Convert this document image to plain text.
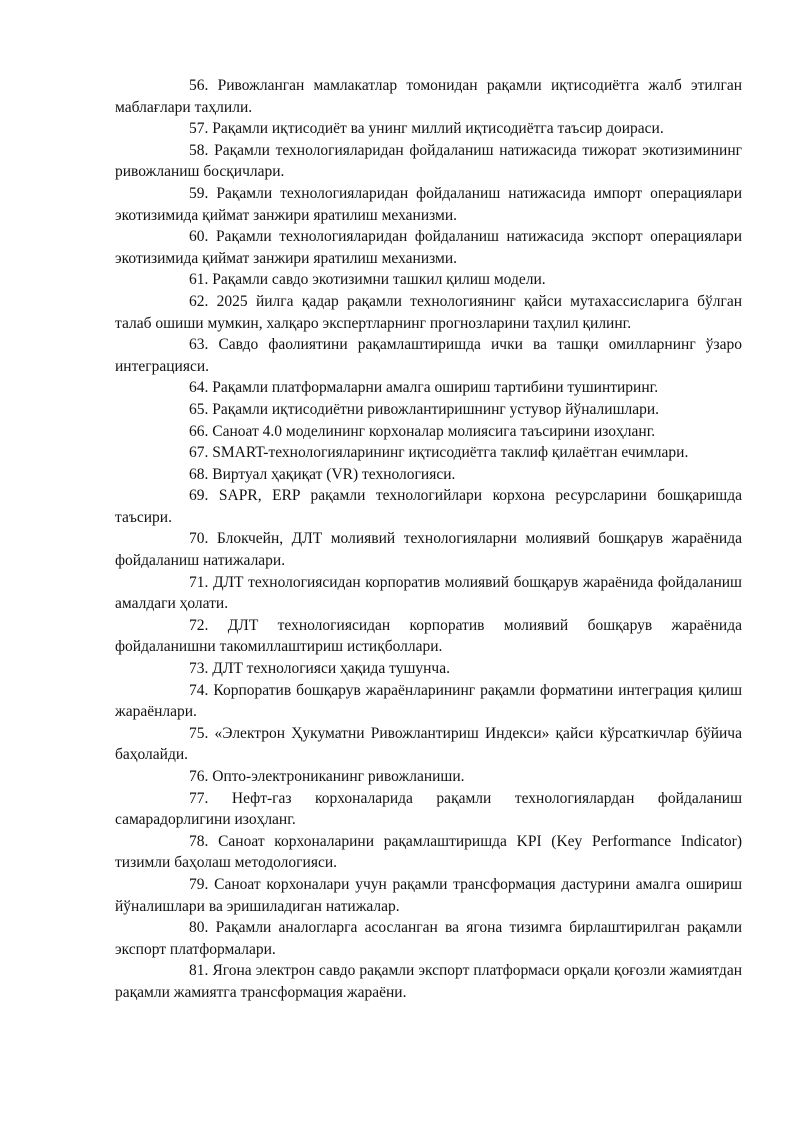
56. Ривожланган мамлакатлар томонидан рақамли иқтисодиётга жалб этилган маблағлари таҳлили.

57. Рақамли иқтисодиёт ва унинг миллий иқтисодиётга таъсир доираси.

58. Рақамли технологияларидан фойдаланиш натижасида тижорат экотизимининг ривожланиш босқичлари.

59. Рақамли технологияларидан фойдаланиш натижасида импорт операциялари экотизимида қиймат занжири яратилиш механизми.

60. Рақамли технологияларидан фойдаланиш натижасида экспорт операциялари экотизимида қиймат занжири яратилиш механизми.

61. Рақамли савдо экотизимни ташкил қилиш модели.

62. 2025 йилга қадар рақамли технологиянинг қайси мутахассисларига бўлган талаб ошиши мумкин, халқаро экспертларнинг прогнозларини таҳлил қилинг.

63. Савдо фаолиятини рақамлаштиришда ички ва ташқи омилларнинг ўзаро интеграцияси.

64. Рақамли платформаларни амалга ошириш тартибини тушинтиринг.

65. Рақамли иқтисодиётни ривожлантиришнинг устувор йўналишлари.

66. Саноат 4.0 моделининг корхоналар молиясига таъсирини изоҳланг.

67. SMART-технологияларининг иқтисодиётга таклиф қилаётган ечимлари.

68. Виртуал ҳақиқат (VR) технологияси.

69. SAPR, ERP рақамли технологийлари корхона ресурсларини бошқаришда таъсири.

70. Блокчейн, ДЛТ молиявий технологияларни молиявий бошқарув жараёнида фойдаланиш натижалари.

71. ДЛТ технологиясидан корпоратив молиявий бошқарув жараёнида фойдаланиш амалдаги ҳолати.

72. ДЛТ технологиясидан корпоратив молиявий бошқарув жараёнида фойдаланишни такомиллаштириш истиқболлари.

73. ДЛТ технологияси ҳақида тушунча.

74. Корпоратив бошқарув жараёнларининг рақамли форматини интеграция қилиш жараёнлари.

75. «Электрон Ҳукуматни Ривожлантириш Индекси» қайси кўрсаткичлар бўйича баҳолайди.

76. Опто-электрониканинг ривожланиши.

77. Нефт-газ корхоналарида рақамли технологиялардан фойдаланиш самарадорлигини изоҳланг.

78. Саноат корхоналарини рақамлаштиришда KPI (Key Performance Indicator) тизимли баҳолаш методологияси.

79. Саноат корхоналари учун рақамли трансформация дастурини амалга ошириш йўналишлари ва эришиладиган натижалар.

80. Рақамли аналогларга асосланган ва ягона тизимга бирлаштирилган рақамли экспорт платформалари.

81. Ягона электрон савдо рақамли экспорт платформаси орқали қоғозли жамиятдан рақамли жамиятга трансформация жараёни.
